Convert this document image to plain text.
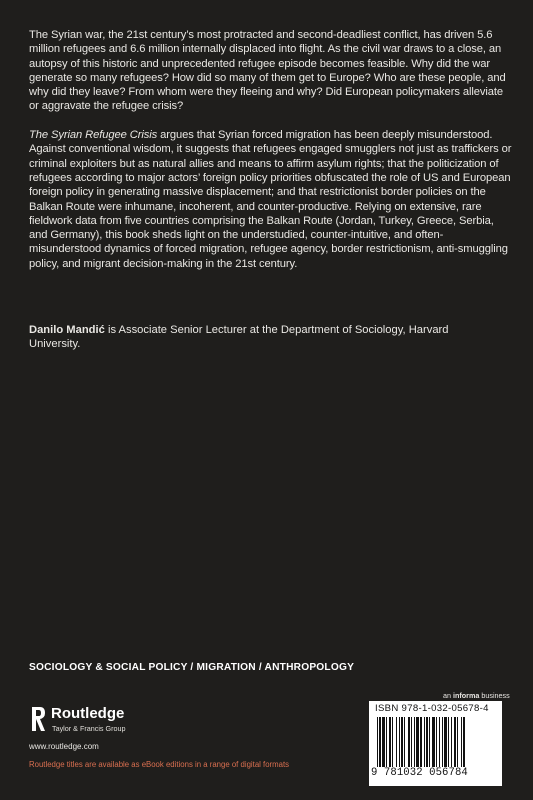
The Syrian war, the 21st century’s most protracted and second-deadliest conflict, has driven 5.6 million refugees and 6.6 million internally displaced into flight. As the civil war draws to a close, an autopsy of this historic and unprecedented refugee episode becomes feasible. Why did the war generate so many refugees? How did so many of them get to Europe? Who are these people, and why did they leave? From whom were they fleeing and why? Did European policymakers alleviate or aggravate the refugee crisis?

The Syrian Refugee Crisis argues that Syrian forced migration has been deeply misunderstood. Against conventional wisdom, it suggests that refugees engaged smugglers not just as traffickers or criminal exploiters but as natural allies and means to affirm asylum rights; that the politicization of refugees according to major actors’ foreign policy priorities obfuscated the role of US and European foreign policy in generating massive displacement; and that restrictionist border policies on the Balkan Route were inhumane, incoherent, and counter-productive. Relying on extensive, rare fieldwork data from five countries comprising the Balkan Route (Jordan, Turkey, Greece, Serbia, and Germany), this book sheds light on the understudied, counter-intuitive, and often-misunderstood dynamics of forced migration, refugee agency, border restrictionism, anti-smuggling policy, and migrant decision-making in the 21st century.

Danilo Mandić is Associate Senior Lecturer at the Department of Sociology, Harvard University.
SOCIOLOGY & SOCIAL POLICY / MIGRATION / ANTHROPOLOGY
an informa business
Routledge
Taylor & Francis Group
www.routledge.com
Routledge titles are available as eBook editions in a range of digital formats
ISBN 978-1-032-05678-4
9 781032 056784
